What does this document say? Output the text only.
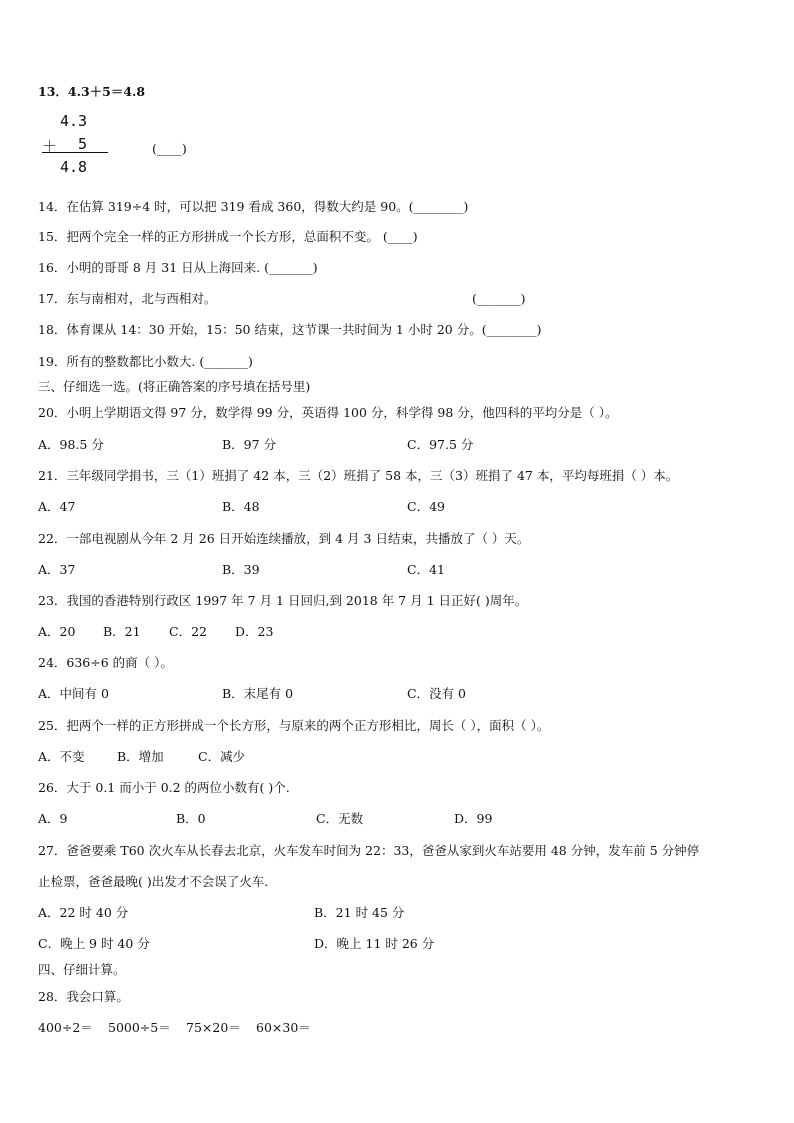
13．4.3＋5＝4.8
4.3
＋ 5
4.8
(____)
14．在估算 319÷4 时，可以把 319 看成 360，得数大约是 90。(________)
15．把两个完全一样的正方形拼成一个长方形，总面积不变。 (____)
16．小明的哥哥 8 月 31 日从上海回来. (_______)
17．东与南相对，北与西相对。	(_______)
18．体育课从 14：30 开始，15：50 结束，这节课一共时间为 1 小时 20 分。(________)
19．所有的整数都比小数大. (_______)
三、仔细选一选。(将正确答案的序号填在括号里)
20．小明上学期语文得 97 分，数学得 99 分，英语得 100 分，科学得 98 分，他四科的平均分是（ ）。
A．98.5 分	B．97 分	C．97.5 分
21．三年级同学捐书，三（1）班捐了 42 本，三（2）班捐了 58 本，三（3）班捐了 47 本，平均每班捐（ ）本。
A．47	B．48	C．49
22．一部电视剧从今年 2 月 26 日开始连续播放，到 4 月 3 日结束，共播放了（ ）天。
A．37	B．39	C．41
23．我国的香港特别行政区 1997 年 7 月 1 日回归,到 2018 年 7 月 1 日正好( )周年。
A．20 B．21 C．22 D．23
24．636÷6 的商（ ）。
A．中间有 0	B．末尾有 0	C．没有 0
25．把两个一样的正方形拼成一个长方形，与原来的两个正方形相比，周长（ ），面积（ ）。
A．不变	B．增加	C．减少
26．大于 0.1 而小于 0.2 的两位小数有( )个.
A．9	B．0	C．无数	D．99
27．爸爸要乘 T60 次火车从长春去北京，火车发车时间为 22：33，爸爸从家到火车站要用 48 分钟，发车前 5 分钟停
止检票，爸爸最晚( )出发才不会误了火车.
A．22 时 40 分	B．21 时 45 分
C．晚上 9 时 40 分	D．晚上 11 时 26 分
四、仔细计算。
28．我会口算。
400÷2＝ 5000÷5＝ 75×20＝ 60×30＝
